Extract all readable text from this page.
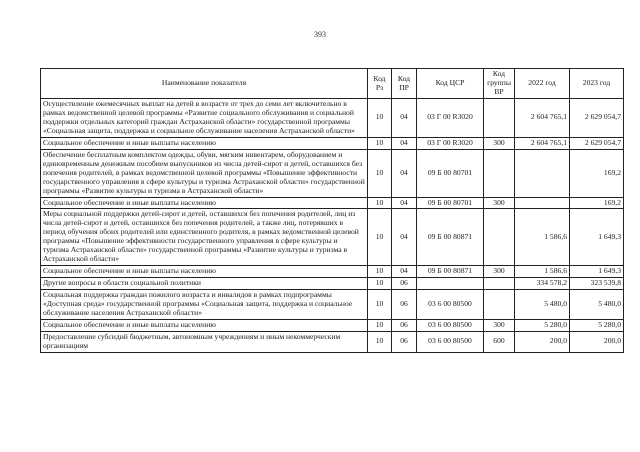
393
Наименование показателя	Код Рз	Код ПР	Код ЦСР	Код группы ВР	2022 год	2023 год
Осуществление ежемесячных выплат на детей в возрасте от трех до семи лет включительно в рамках ведомственной целевой программы «Развитие социального обслуживания и социальной поддержки отдельных категорий граждан Астраханской области» государственной программы «Социальная защита, поддержка и социальное обслуживание населения Астраханской области»	10	04	03 Г 00 R3020		2 604 765,1	2 629 054,7
Социальное обеспечение и иные выплаты населению	10	04	03 Г 00 R3020	300	2 604 765,1	2 629 054,7
Обеспечение бесплатным комплектом одежды, обуви, мягким инвентарем, оборудованием и единовременным денежным пособием выпускников из числа детей-сирот и детей, оставшихся без попечения родителей, в рамках ведомственной целевой программы «Повышение эффективности государственного управления в сфере культуры и туризма Астраханской области» государственной программы «Развитие культуры и туризма в Астраханской области»	10	04	09 Б 00 80701			169,2
Социальное обеспечение и иные выплаты населению	10	04	09 Б 00 80701	300		169,2
Меры социальной поддержки детей-сирот и детей, оставшихся без попечения родителей, лиц из числа детей-сирот и детей, оставшихся без попечения родителей, а также лиц, потерявших в период обучения обоих родителей или единственного родителя, в рамках ведомственной целевой программы «Повышение эффективности государственного управления в сфере культуры и туризма Астраханской области» государственной программы «Развитие культуры и туризма в Астраханской области»	10	04	09 Б 00 80871		1 586,6	1 649,3
Социальное обеспечение и иные выплаты населению	10	04	09 Б 00 80871	300	1 586,6	1 649,3
Другие вопросы в области социальной политики	10	06			334 578,2	323 539,8
Социальная поддержка граждан пожилого возраста и инвалидов в рамках подпрограммы «Доступная среда» государственной программы «Социальная защита, поддержка и социальное обслуживание населения Астраханской области»	10	06	03 6 00 80500		5 480,0	5 480,0
Социальное обеспечение и иные выплаты населению	10	06	03 6 00 80500	300	5 280,0	5 280,0
Предоставление субсидий бюджетным, автономным учреждениям и иным некоммерческим организациям	10	06	03 6 00 80500	600	200,0	200,0
